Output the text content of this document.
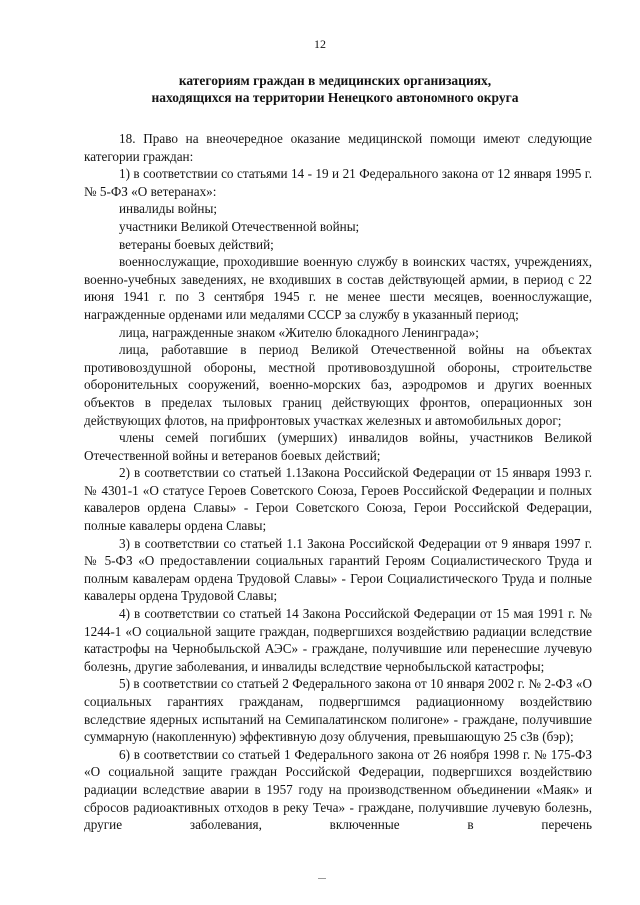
12
категориям граждан в медицинских организациях,
находящихся на территории Ненецкого автономного округа

18. Право на внеочередное оказание медицинской помощи имеют следующие категории граждан:

1) в соответствии со статьями 14 - 19 и 21 Федерального закона от 12 января 1995 г. № 5-ФЗ «О ветеранах»:

инвалиды войны;

участники Великой Отечественной войны;

ветераны боевых действий;

военнослужащие, проходившие военную службу в воинских частях, учреждениях, военно-учебных заведениях, не входивших в состав действующей армии, в период с 22 июня 1941 г. по 3 сентября 1945 г. не менее шести месяцев, военнослужащие, награжденные орденами или медалями СССР за службу в указанный период;

лица, награжденные знаком «Жителю блокадного Ленинграда»;

лица, работавшие в период Великой Отечественной войны на объектах противовоздушной обороны, местной противовоздушной обороны, строительстве оборонительных сооружений, военно-морских баз, аэродромов и других военных объектов в пределах тыловых границ действующих фронтов, операционных зон действующих флотов, на прифронтовых участках железных и автомобильных дорог;

члены семей погибших (умерших) инвалидов войны, участников Великой Отечественной войны и ветеранов боевых действий;

2) в соответствии со статьей 1.1Закона Российской Федерации от 15 января 1993 г. № 4301-1 «О статусе Героев Советского Союза, Героев Российской Федерации и полных кавалеров ордена Славы» - Герои Советского Союза, Герои Российской Федерации, полные кавалеры ордена Славы;

3) в соответствии со статьей 1.1 Закона Российской Федерации от 9 января 1997 г. № 5-ФЗ «О предоставлении социальных гарантий Героям Социалистического Труда и полным кавалерам ордена Трудовой Славы» - Герои Социалистического Труда и полные кавалеры ордена Трудовой Славы;

4) в соответствии со статьей 14 Закона Российской Федерации от 15 мая 1991 г. № 1244-1 «О социальной защите граждан, подвергшихся воздействию радиации вследствие катастрофы на Чернобыльской АЭС» - граждане, получившие или перенесшие лучевую болезнь, другие заболевания, и инвалиды вследствие чернобыльской катастрофы;

5) в соответствии со статьей 2 Федерального закона от 10 января 2002 г. № 2-ФЗ «О социальных гарантиях гражданам, подвергшимся радиационному воздействию вследствие ядерных испытаний на Семипалатинском полигоне» - граждане, получившие суммарную (накопленную) эффективную дозу облучения, превышающую 25 сЗв (бэр);

6) в соответствии со статьей 1 Федерального закона от 26 ноября 1998 г. № 175-ФЗ «О социальной защите граждан Российской Федерации, подвергшихся воздействию радиации вследствие аварии в 1957 году на производственном объединении «Маяк» и сбросов радиоактивных отходов в реку Теча» - граждане, получившие лучевую болезнь, другие заболевания, включенные в перечень
